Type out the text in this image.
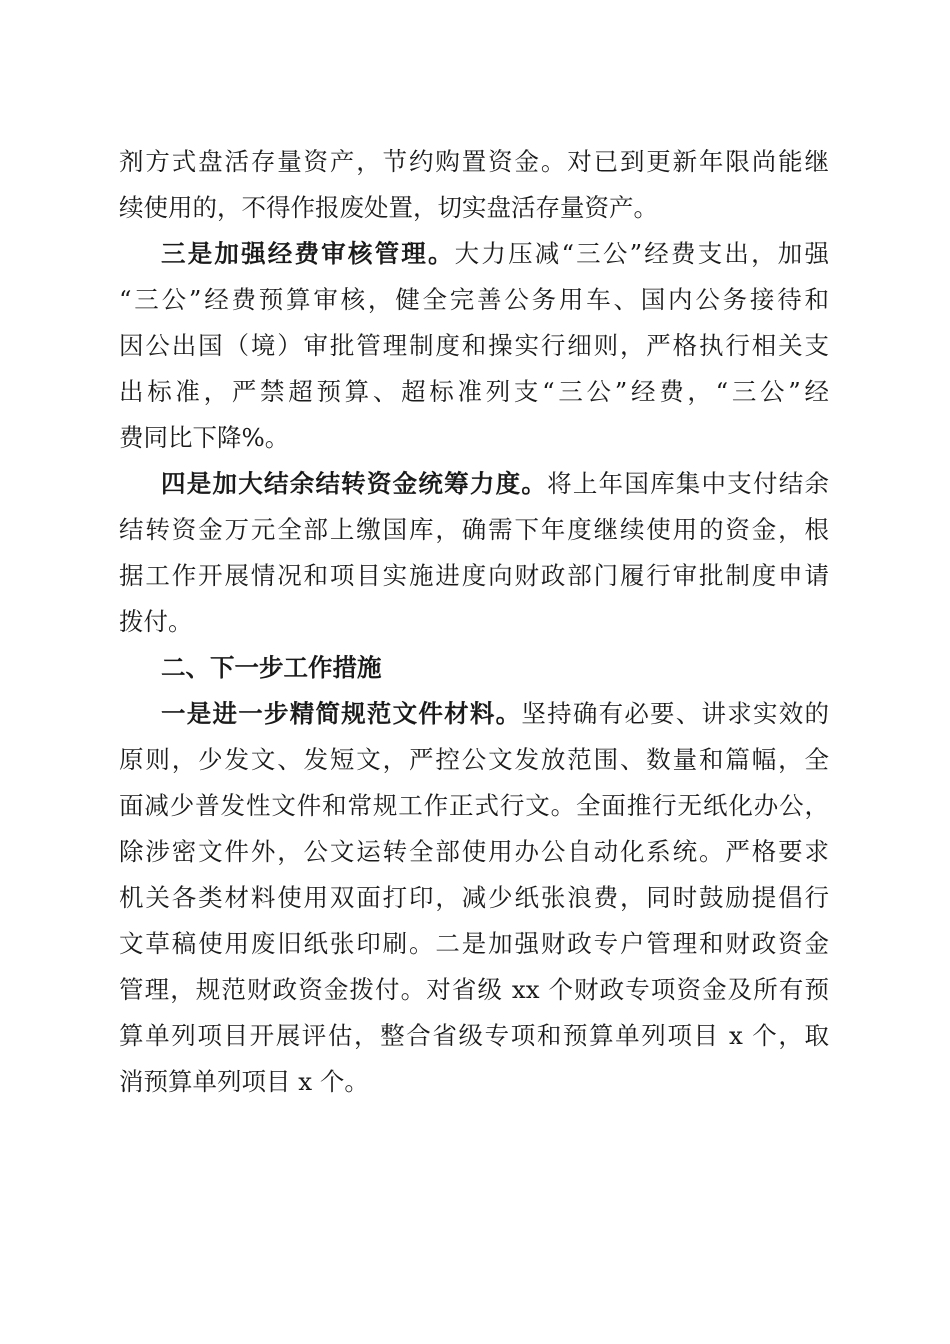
剂方式盘活存量资产，节约购置资金。对已到更新年限尚能继
续使用的，不得作报废处置，切实盘活存量资产。
三是加强经费审核管理。大力压减“三公”经费支出，加强
“三公”经费预算审核，健全完善公务用车、国内公务接待和
因公出国（境）审批管理制度和操实行细则，严格执行相关支
出标准，严禁超预算、超标准列支“三公”经费，“三公”经
费同比下降%。
四是加大结余结转资金统筹力度。将上年国库集中支付结余
结转资金万元全部上缴国库，确需下年度继续使用的资金，根
据工作开展情况和项目实施进度向财政部门履行审批制度申请
拨付。
二、下一步工作措施
一是进一步精简规范文件材料。坚持确有必要、讲求实效的
原则，少发文、发短文，严控公文发放范围、数量和篇幅，全
面减少普发性文件和常规工作正式行文。全面推行无纸化办公，
除涉密文件外，公文运转全部使用办公自动化系统。严格要求
机关各类材料使用双面打印，减少纸张浪费，同时鼓励提倡行
文草稿使用废旧纸张印刷。二是加强财政专户管理和财政资金
管理，规范财政资金拨付。对省级 xx 个财政专项资金及所有预
算单列项目开展评估，整合省级专项和预算单列项目 x 个，取
消预算单列项目 x 个。
